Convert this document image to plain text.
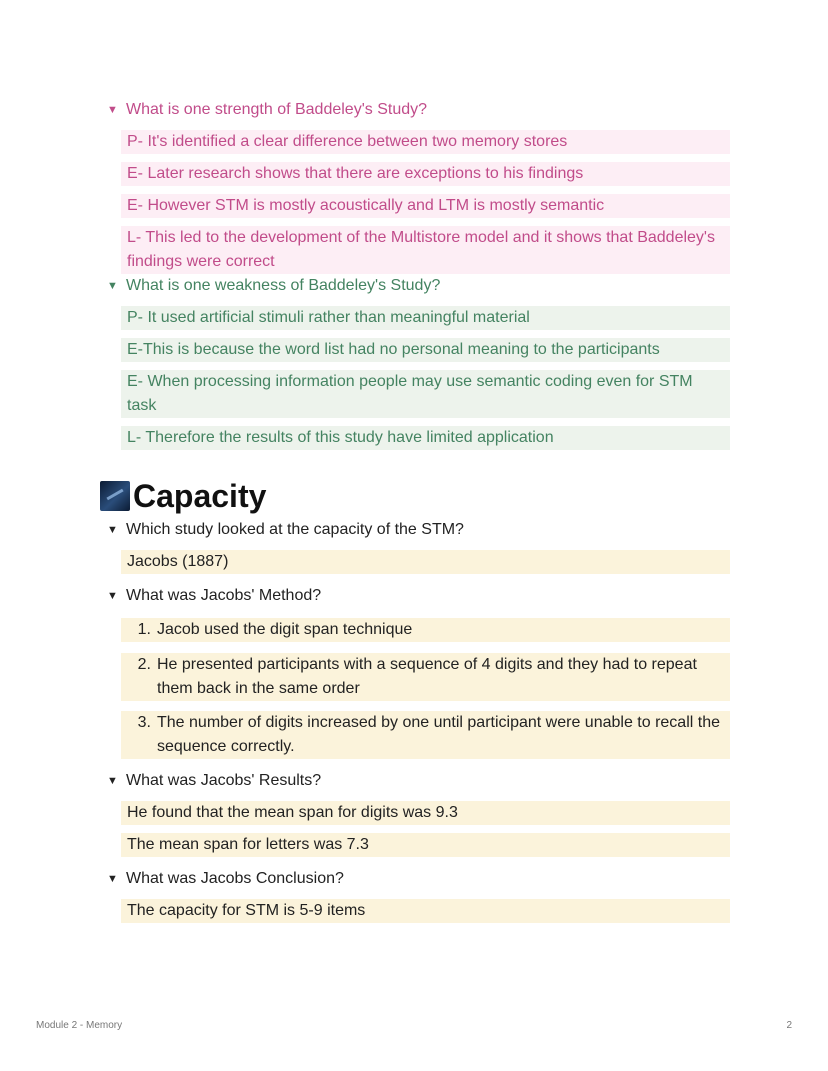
▼ What is one strength of Baddeley's Study?
P- It's identified a clear difference between two memory stores
E- Later research shows that there are exceptions to his findings
E- However STM is mostly acoustically and LTM is mostly semantic
L- This led to the development of the Multistore model and it shows that Baddeley's findings were correct
▼ What is one weakness of Baddeley's Study?
P- It used artificial stimuli rather than meaningful material
E-This is because the word list had no personal meaning to the participants
E- When processing information people may use semantic coding even for STM task
L- Therefore the results of this study have limited application
Capacity
▼ Which study looked at the capacity of the STM?
Jacobs (1887)
▼ What was Jacobs' Method?
1. Jacob used the digit span technique
2. He presented participants with a sequence of 4 digits and they had to repeat them back in the same order
3. The number of digits increased by one until participant were unable to recall the sequence correctly.
▼ What was Jacobs' Results?
He found that the mean span for digits was 9.3
The mean span for letters was 7.3
▼ What was Jacobs Conclusion?
The capacity for STM is 5-9 items
Module 2 - Memory	2
